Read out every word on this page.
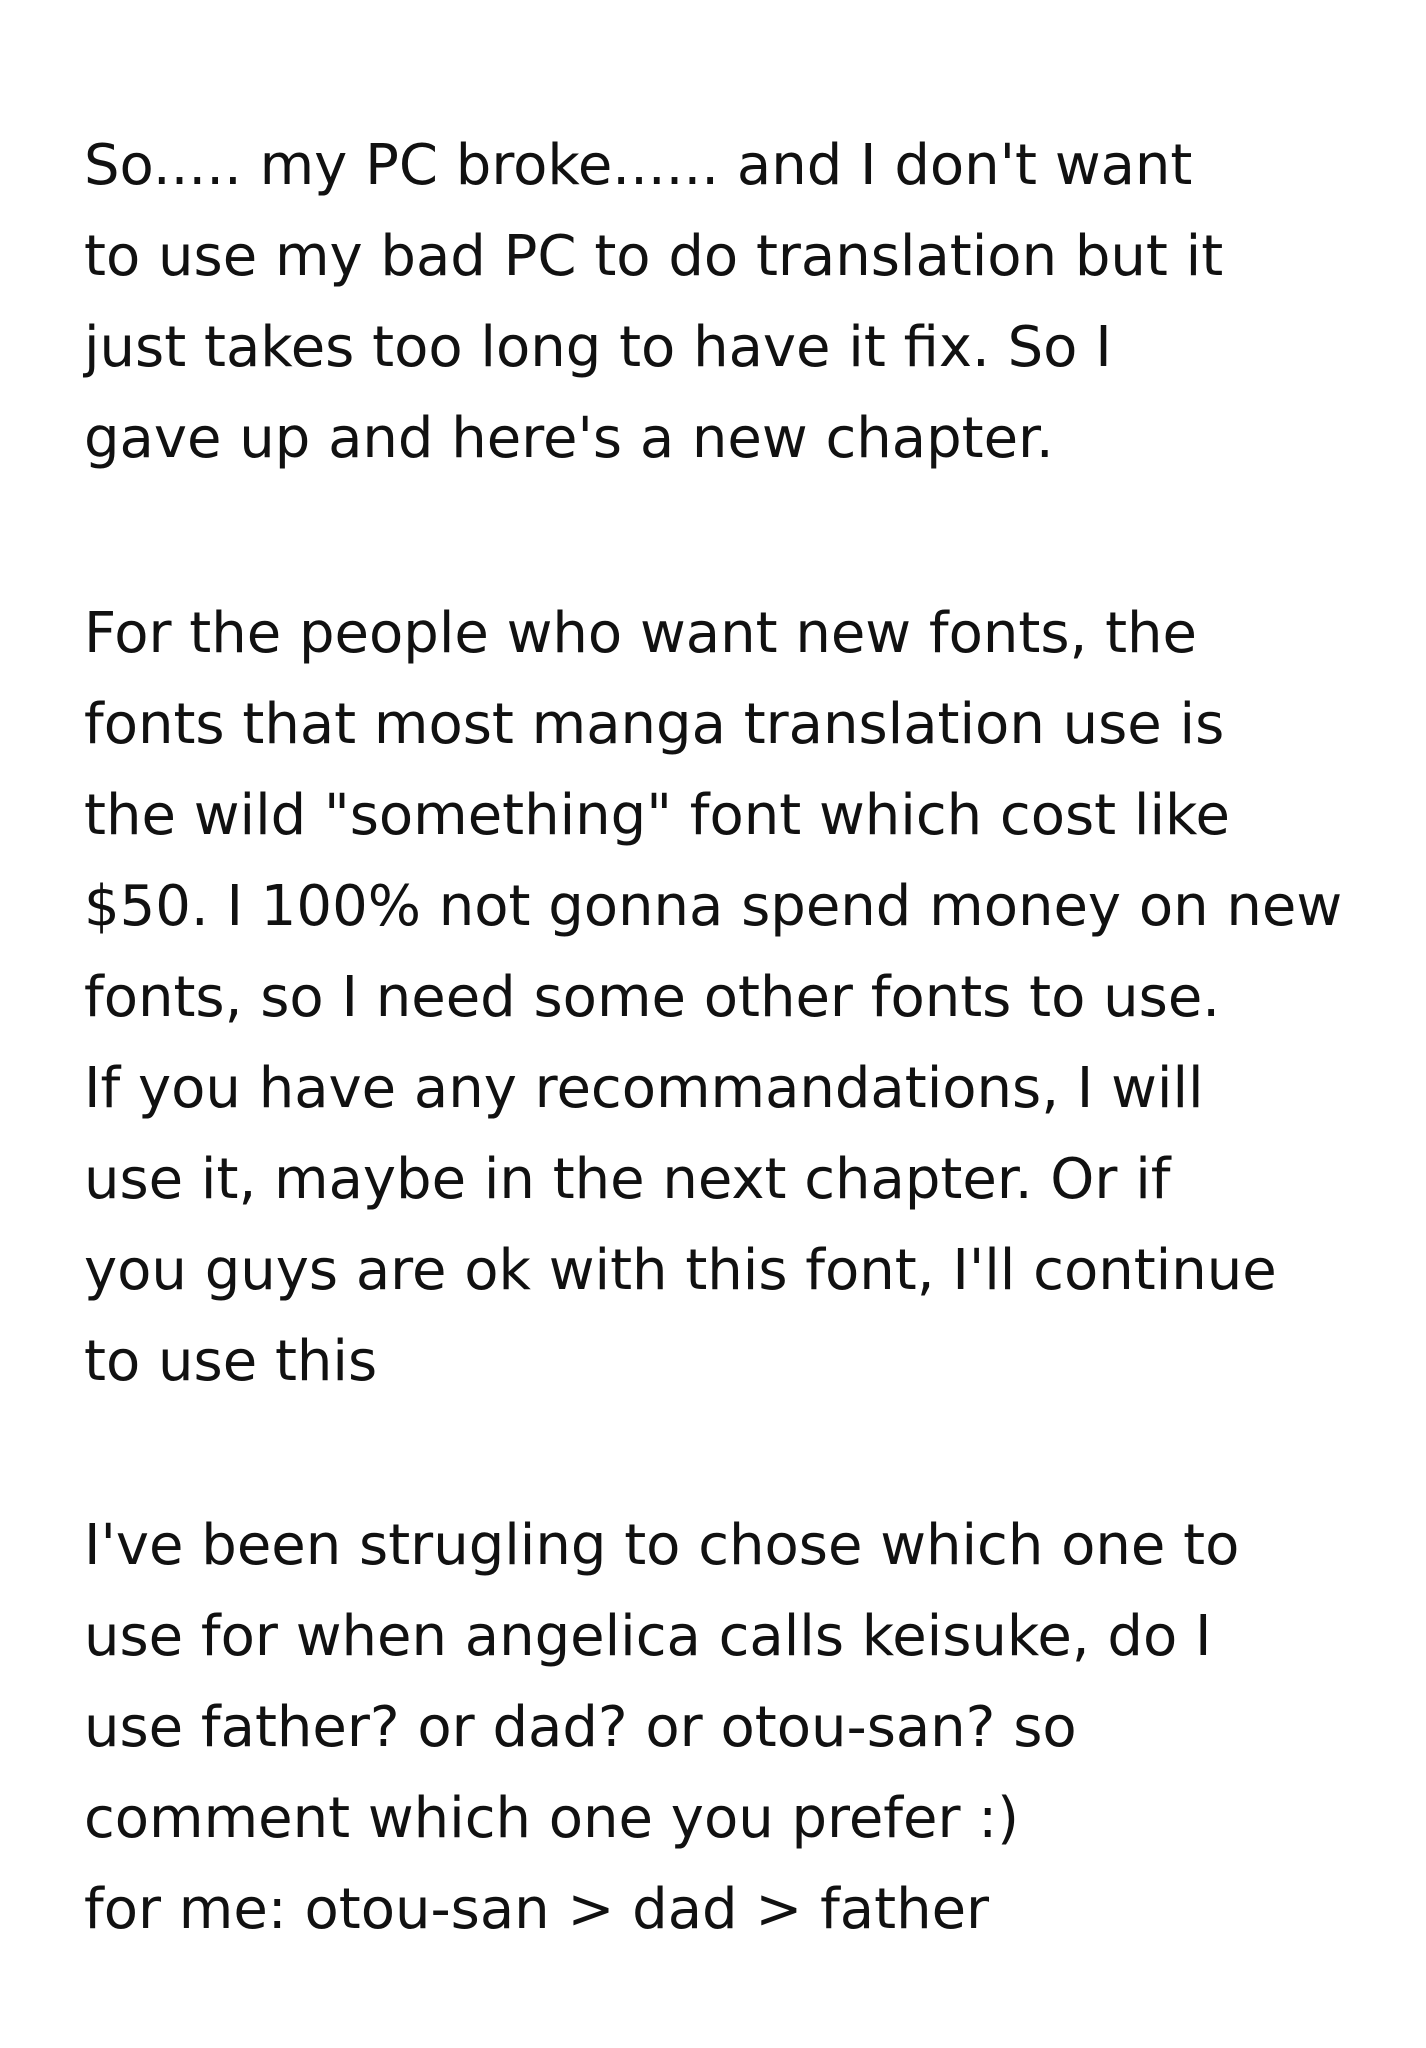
So..... my PC broke...... and I don't want
to use my bad PC to do translation but it
just takes too long to have it fix. So I
gave up and here's a new chapter.

For the people who want new fonts, the
fonts that most manga translation use is
the wild "something" font which cost like
$50. I 100% not gonna spend money on new
fonts, so I need some other fonts to use.
If you have any recommandations, I will
use it, maybe in the next chapter. Or if
you guys are ok with this font, I'll continue
to use this

I've been strugling to chose which one to
use for when angelica calls keisuke, do I
use father? or dad? or otou-san? so
comment which one you prefer :)
for me: otou-san > dad > father
